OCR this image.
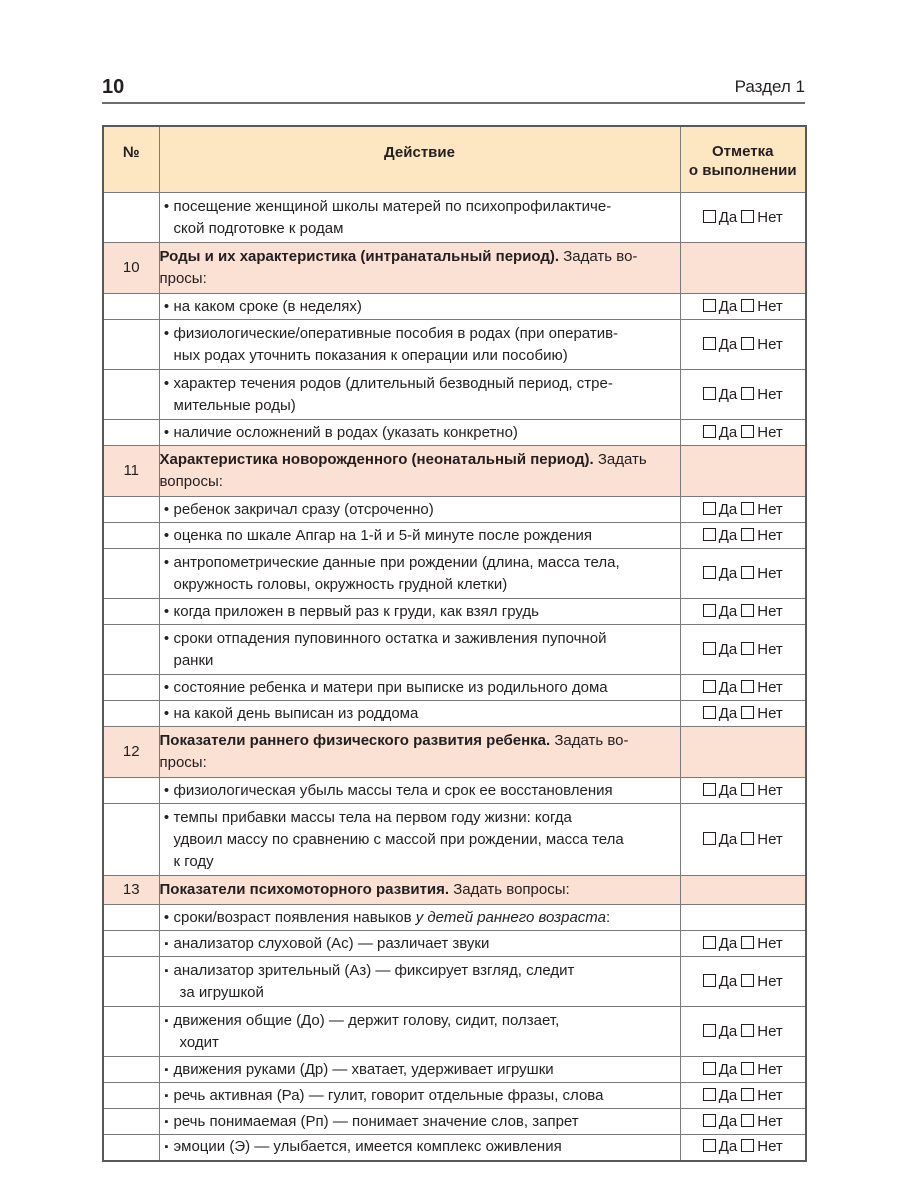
10	Раздел 1
№	Действие	Отметка
о выполнении

	• посещение женщиной школы матерей по психопрофилактиче-
ской подготовке к родам	Да Нет
10	Роды и их характеристика (интранатальный период). Задать во-
просы:	
	• на каком сроке (в неделях)	Да Нет
	• физиологические/оперативные пособия в родах (при оператив-
ных родах уточнить показания к операции или пособию)	Да Нет
	• характер течения родов (длительный безводный период, стре-
мительные роды)	Да Нет
	• наличие осложнений в родах (указать конкретно)	Да Нет
11	Характеристика новорожденного (неонатальный период). Задать
вопросы:	
	• ребенок закричал сразу (отсроченно)	Да Нет
	• оценка по шкале Апгар на 1-й и 5-й минуте после рождения	Да Нет
	• антропометрические данные при рождении (длина, масса тела,
окружность головы, окружность грудной клетки)	Да Нет
	• когда приложен в первый раз к груди, как взял грудь	Да Нет
	• сроки отпадения пуповинного остатка и заживления пупочной
ранки	Да Нет
	• состояние ребенка и матери при выписке из родильного дома	Да Нет
	• на какой день выписан из роддома	Да Нет
12	Показатели раннего физического развития ребенка. Задать во-
просы:	
	• физиологическая убыль массы тела и срок ее восстановления	Да Нет
	• темпы прибавки массы тела на первом году жизни: когда
удвоил массу по сравнению с массой при рождении, масса тела
к году	Да Нет
13	Показатели психомоторного развития. Задать вопросы:	
	• сроки/возраст появления навыков у детей раннего возраста:	
	▪ анализатор слуховой (Ас) — различает звуки	Да Нет
	▪ анализатор зрительный (Аз) — фиксирует взгляд, следит
за игрушкой	Да Нет
	▪ движения общие (До) — держит голову, сидит, ползает,
ходит	Да Нет
	▪ движения руками (Др) — хватает, удерживает игрушки	Да Нет
	▪ речь активная (Ра) — гулит, говорит отдельные фразы, слова	Да Нет
	▪ речь понимаемая (Рп) — понимает значение слов, запрет	Да Нет
	▪ эмоции (Э) — улыбается, имеется комплекс оживления	Да Нет
